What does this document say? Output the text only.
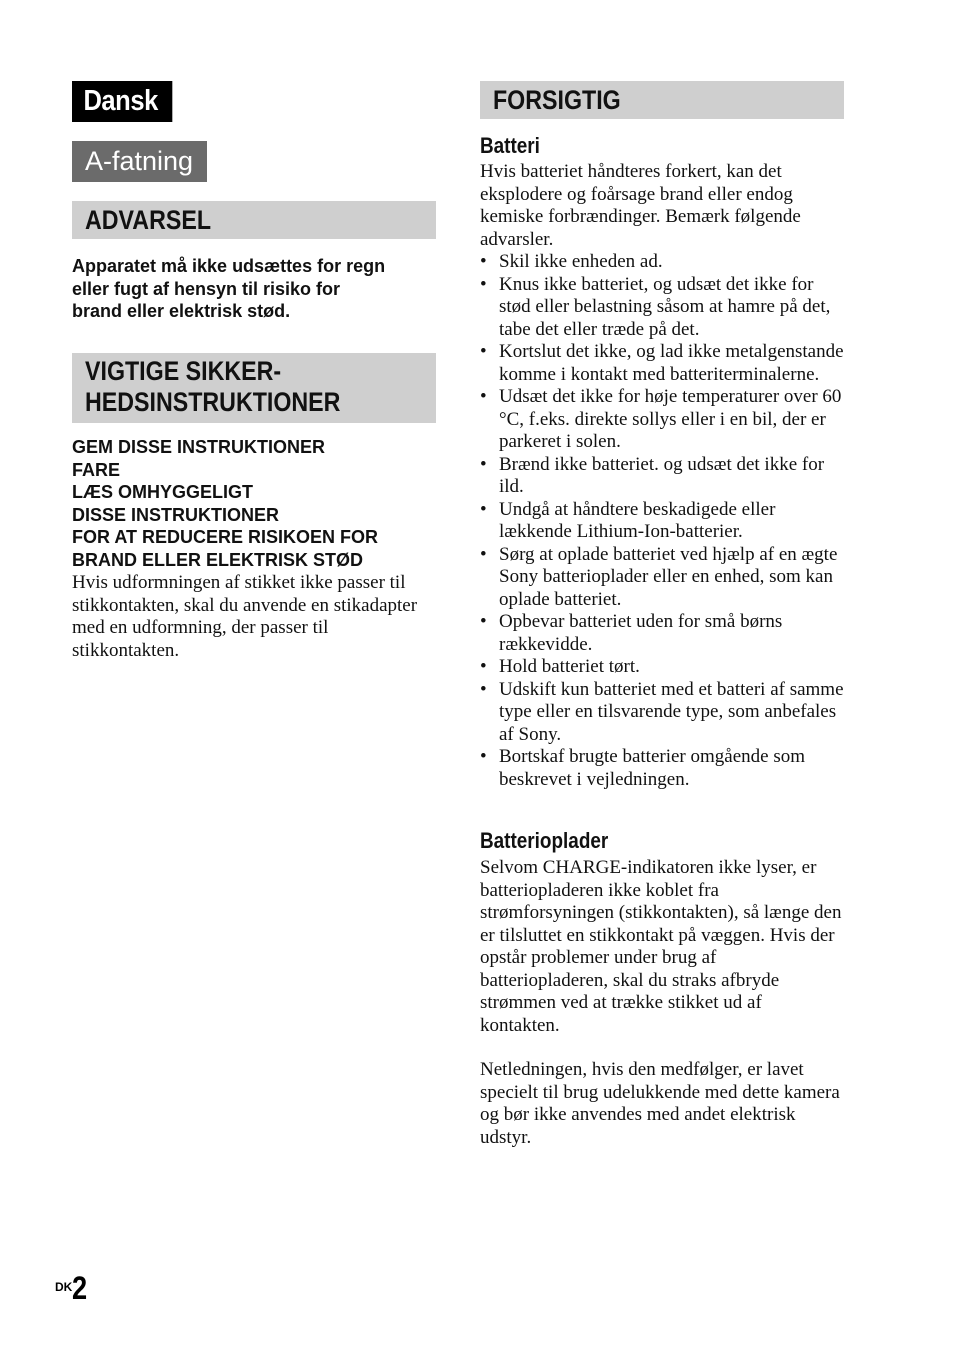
Dansk
A-fatning
ADVARSEL
Apparatet må ikke udsættes for regn
eller fugt af hensyn til risiko for
brand eller elektrisk stød.
VIGTIGE SIKKER-
HEDSINSTRUKTIONER
GEM DISSE INSTRUKTIONER
FARE
LÆS OMHYGGELIGT
DISSE INSTRUKTIONER
FOR AT REDUCERE RISIKOEN FOR
BRAND ELLER ELEKTRISK STØD
Hvis udformningen af stikket ikke passer til stikkontakten, skal du anvende en stikadapter med en udformning, der passer til stikkontakten.
FORSIGTIG
Batteri
Hvis batteriet håndteres forkert, kan det eksplodere og foårsage brand eller endog kemiske forbrændinger. Bemærk følgende advarsler.
• Skil ikke enheden ad.
• Knus ikke batteriet, og udsæt det ikke for stød eller belastning såsom at hamre på det, tabe det eller træde på det.
• Kortslut det ikke, og lad ikke metalgenstande komme i kontakt med batteriterminalerne.
• Udsæt det ikke for høje temperaturer over 60 °C, f.eks. direkte sollys eller i en bil, der er parkeret i solen.
• Brænd ikke batteriet. og udsæt det ikke for ild.
• Undgå at håndtere beskadigede eller lækkende Lithium-Ion-batterier.
• Sørg at oplade batteriet ved hjælp af en ægte Sony batterioplader eller en enhed, som kan oplade batteriet.
• Opbevar batteriet uden for små børns rækkevidde.
• Hold batteriet tørt.
• Udskift kun batteriet med et batteri af samme type eller en tilsvarende type, som anbefales af Sony.
• Bortskaf brugte batterier omgående som beskrevet i vejledningen.
Batterioplader
Selvom CHARGE-indikatoren ikke lyser, er batteriopladeren ikke koblet fra strømforsyningen (stikkontakten), så længe den er tilsluttet en stikkontakt på væggen. Hvis der opstår problemer under brug af batteriopladeren, skal du straks afbryde strømmen ved at trække stikket ud af kontakten.
Netledningen, hvis den medfølger, er lavet specielt til brug udelukkende med dette kamera og bør ikke anvendes med andet elektrisk udstyr.
$^{DK}$2
